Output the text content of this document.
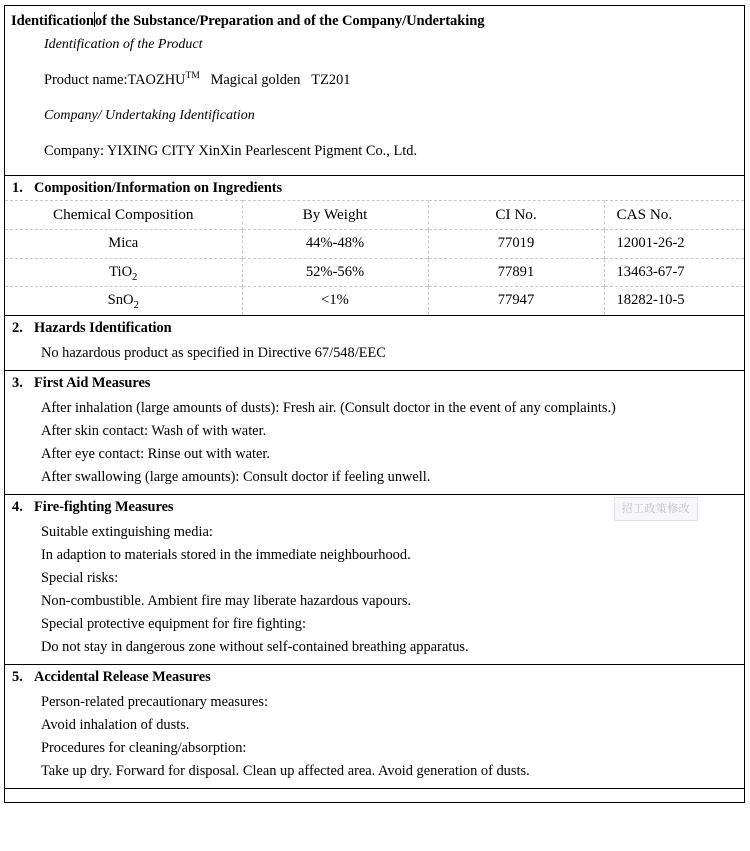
Identificationof the Substance/Preparation and of the Company/Undertaking
Identification of the Product
Product name:TAOZHU™ Magical golden TZ201
Company/ Undertaking Identification
Company: YIXING CITY XinXin Pearlescent Pigment Co., Ltd.
1. Composition/Information on Ingredients
Chemical Composition	By Weight	CI No.	CAS No.
Mica	44%-48%	77019	12001-26-2
TiO$_2$	52%-56%	77891	13463-67-7
SnO$_2$	<1%	77947	18282-10-5
2. Hazards Identification
No hazardous product as specified in Directive 67/548/EEC
3. First Aid Measures
After inhalation (large amounts of dusts): Fresh air. (Consult doctor in the event of any complaints.)
After skin contact: Wash of with water.
After eye contact: Rinse out with water.
After swallowing (large amounts): Consult doctor if feeling unwell.
招工政策修改
4. Fire-fighting Measures
Suitable extinguishing media:
In adaption to materials stored in the immediate neighbourhood.
Special risks:
Non-combustible. Ambient fire may liberate hazardous vapours.
Special protective equipment for fire fighting:
Do not stay in dangerous zone without self-contained breathing apparatus.
5. Accidental Release Measures
Person-related precautionary measures:
Avoid inhalation of dusts.
Procedures for cleaning/absorption:
Take up dry. Forward for disposal. Clean up affected area. Avoid generation of dusts.
